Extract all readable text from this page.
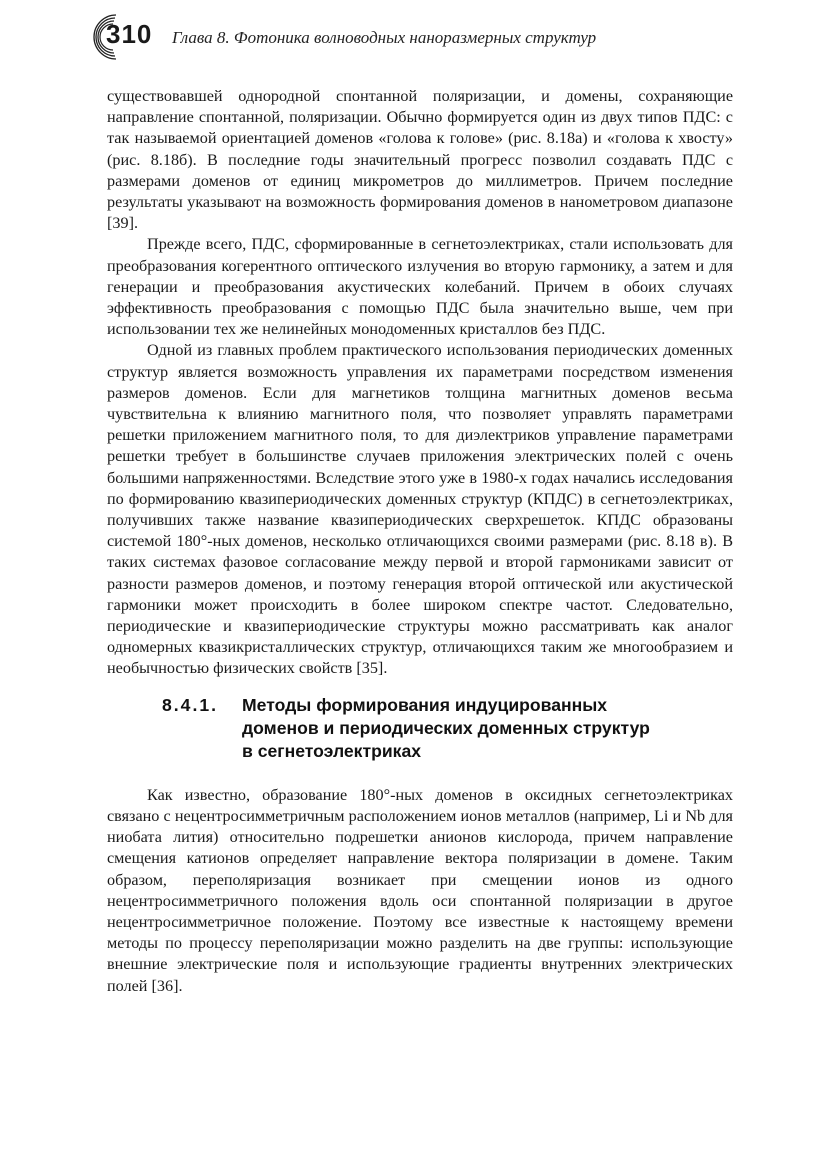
310 Глава 8. Фотоника волноводных наноразмерных структур

существовавшей однородной спонтанной поляризации, и домены, сохраняющие направление спонтанной, поляризации. Обычно формируется один из двух типов ПДС: с так называемой ориентацией доменов «голова к голове» (рис. 8.18а) и «голова к хвосту» (рис. 8.18б). В последние годы значительный прогресс позволил создавать ПДС с размерами доменов от единиц микрометров до миллиметров. Причем последние результаты указывают на возможность формирования доменов в нанометровом диапазоне [39].

Прежде всего, ПДС, сформированные в сегнетоэлектриках, стали использовать для преобразования когерентного оптического излучения во вторую гармонику, а затем и для генерации и преобразования акустических колебаний. Причем в обоих случаях эффективность преобразования с помощью ПДС была значительно выше, чем при использовании тех же нелинейных монодоменных кристаллов без ПДС.

Одной из главных проблем практического использования периодических доменных структур является возможность управления их параметрами посредством изменения размеров доменов. Если для магнетиков толщина магнитных доменов весьма чувствительна к влиянию магнитного поля, что позволяет управлять параметрами решетки приложением магнитного поля, то для диэлектриков управление параметрами решетки требует в большинстве случаев приложения электрических полей с очень большими напряженностями. Вследствие этого уже в 1980-х годах начались исследования по формированию квазипериодических доменных структур (КПДС) в сегнетоэлектриках, получивших также название квазипериодических сверхрешеток. КПДС образованы системой 180°-ных доменов, несколько отличающихся своими размерами (рис. 8.18 в). В таких системах фазовое согласование между первой и второй гармониками зависит от разности размеров доменов, и поэтому генерация второй оптической или акустической гармоники может происходить в более широком спектре частот. Следовательно, периодические и квазипериодические структуры можно рассматривать как аналог одномерных квазикристаллических структур, отличающихся таким же многообразием и необычностью физических свойств [35].

8.4.1. Методы формирования индуцированных
доменов и периодических доменных структур
в сегнетоэлектриках

Как известно, образование 180°-ных доменов в оксидных сегнетоэлектриках связано с нецентросимметричным расположением ионов металлов (например, Li и Nb для ниобата лития) относительно подрешетки анионов кислорода, причем направление смещения катионов определяет направление вектора поляризации в домене. Таким образом, переполяризация возникает при смещении ионов из одного нецентросимметричного положения вдоль оси спонтанной поляризации в другое нецентросимметричное положение. Поэтому все известные к настоящему времени методы по процессу переполяризации можно разделить на две группы: использующие внешние электрические поля и использующие градиенты внутренних электрических полей [36].
